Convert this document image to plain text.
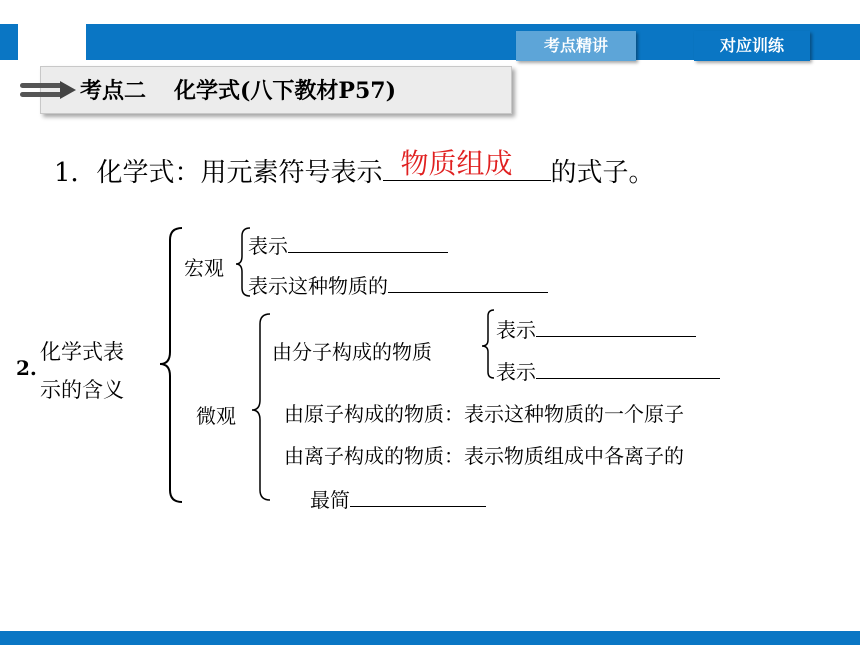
考点精讲	对应训练
考点二 化学式(八下教材P57)
1．化学式：用元素符号表示 物质组成 的式子。
2.
化学式表
示的含义
宏观
表示
表示这种物质的
微观
由分子构成的物质
表示
表示
由原子构成的物质：表示这种物质的一个原子
由离子构成的物质：表示物质组成中各离子的
最简
